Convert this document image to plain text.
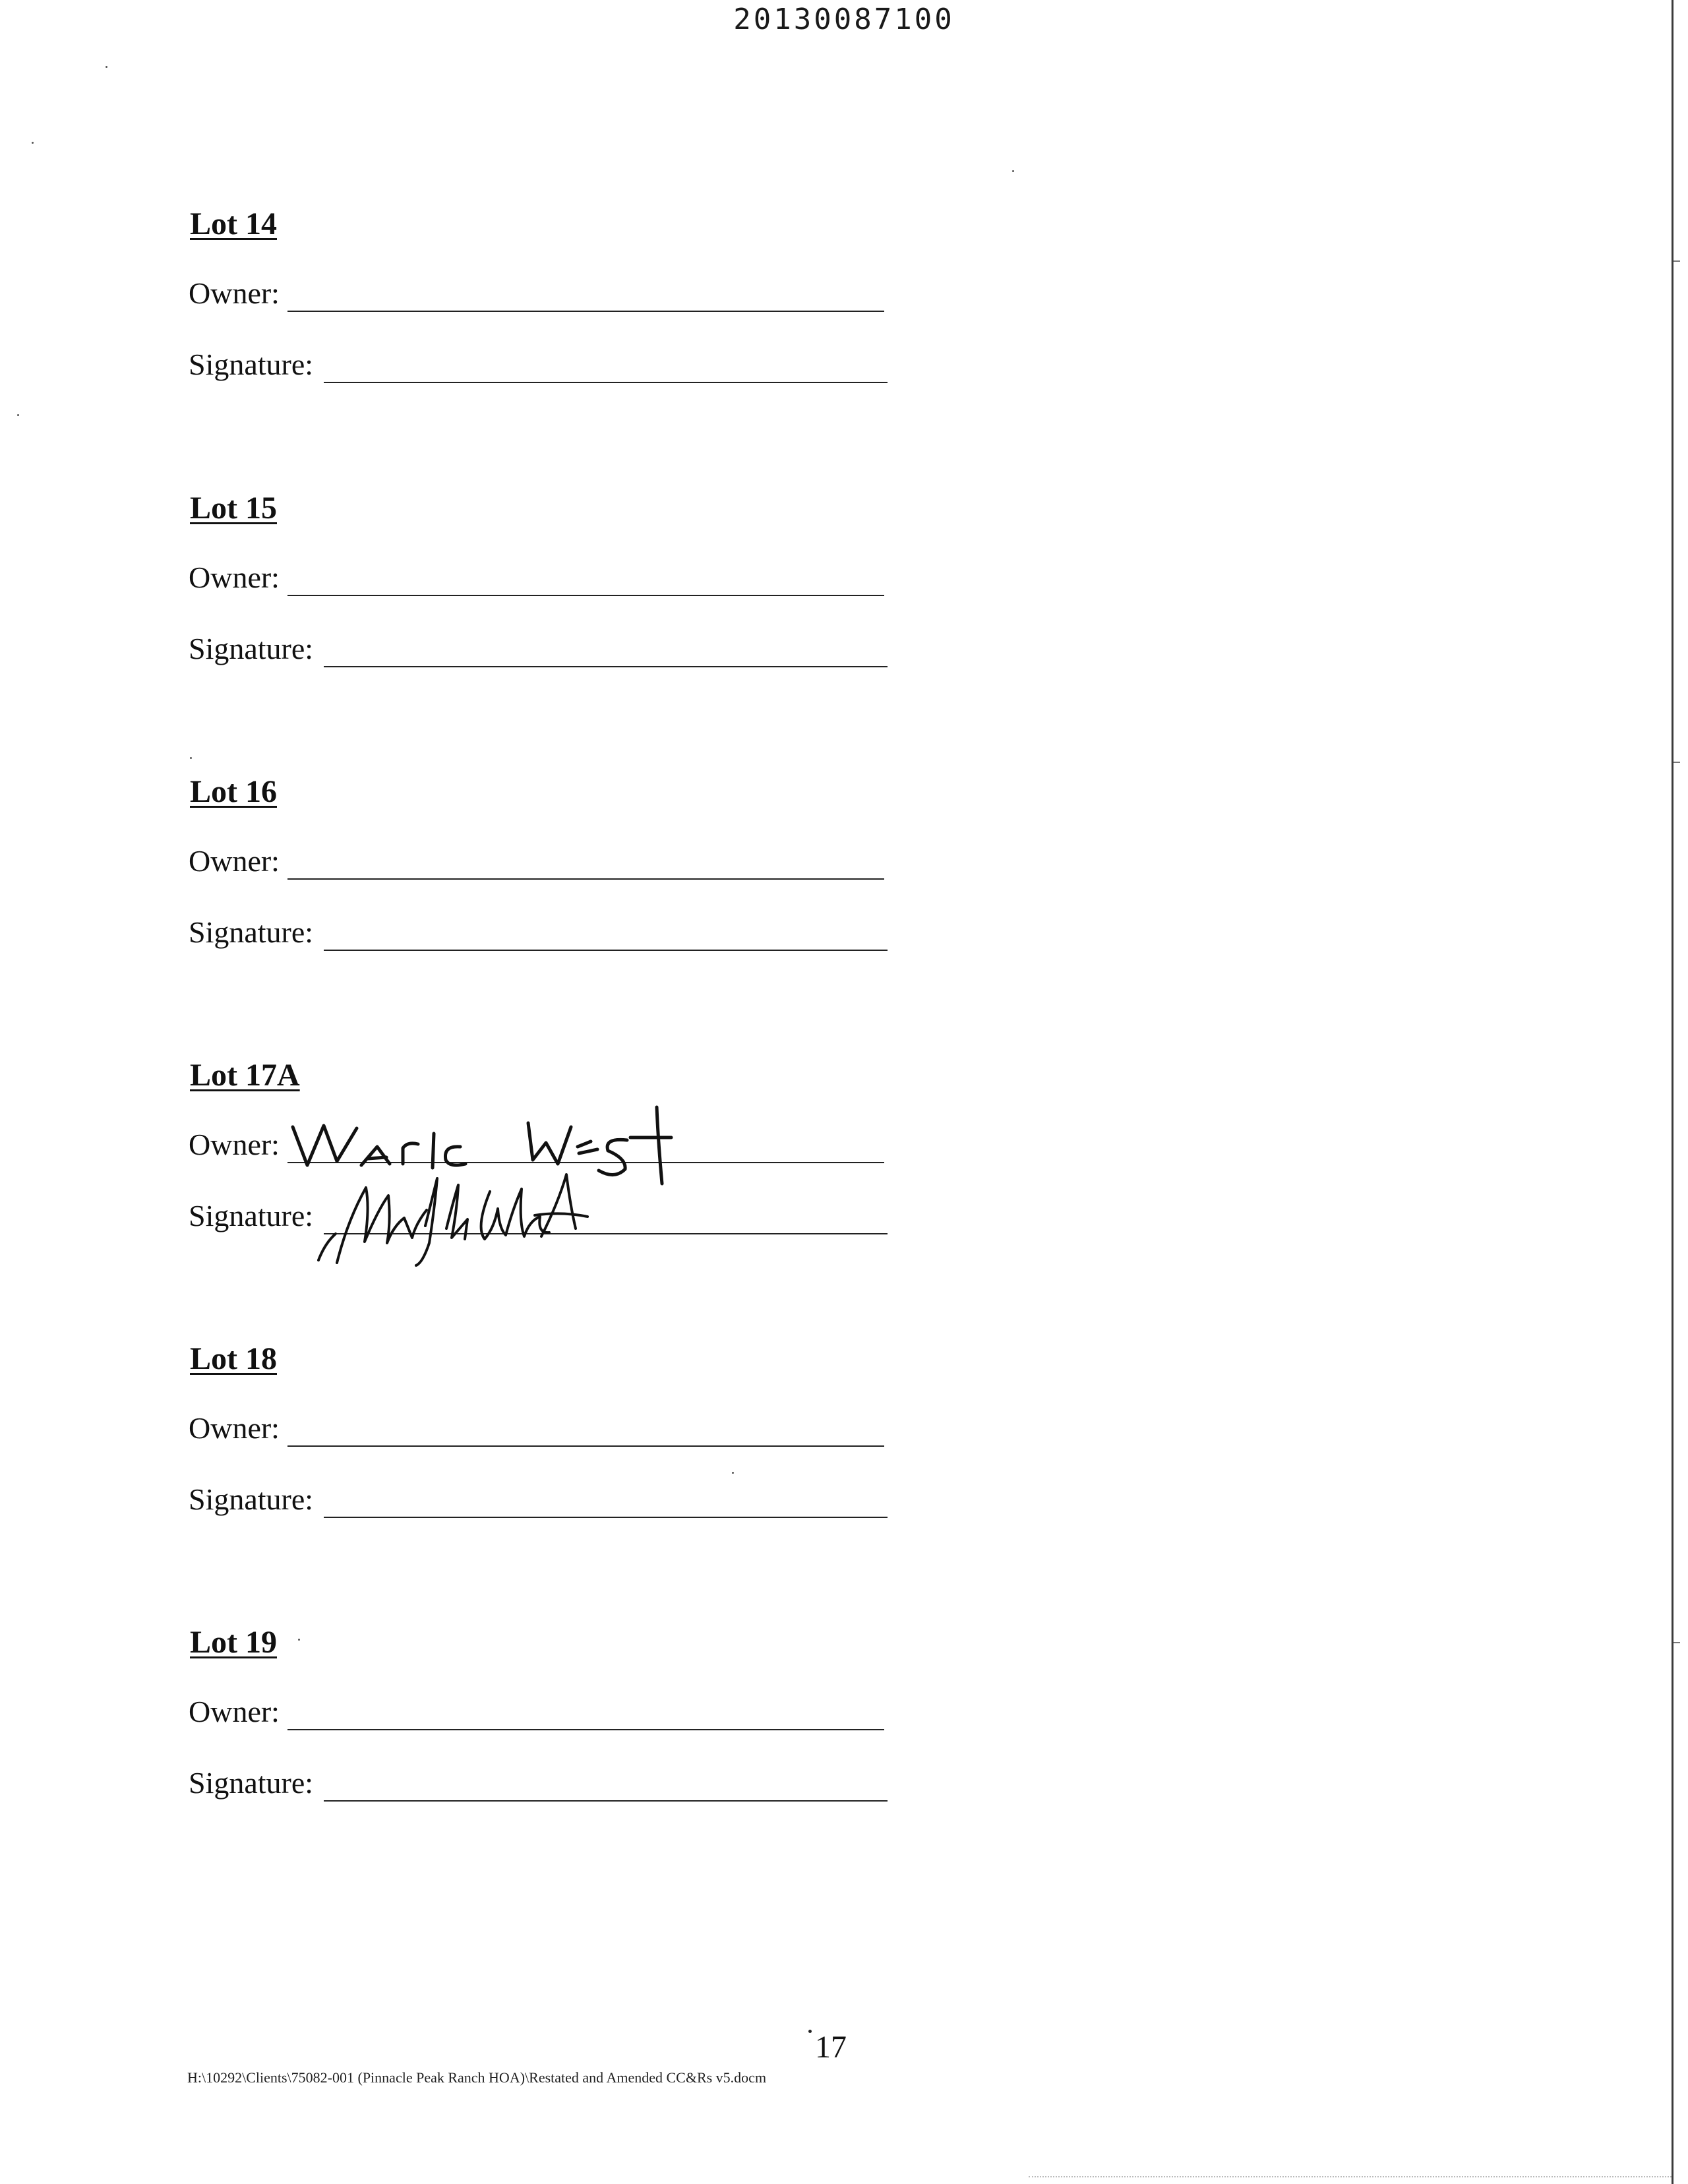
20130087100
Lot 14
Owner:
Signature:
Lot 15
Owner:
Signature:
Lot 16
Owner:
Signature:
Lot 17A
Owner:
Signature:
Lot 18
Owner:
Signature:
Lot 19
Owner:
Signature:
17
H:\10292\Clients\75082-001 (Pinnacle Peak Ranch HOA)\Restated and Amended CC&Rs v5.docm
